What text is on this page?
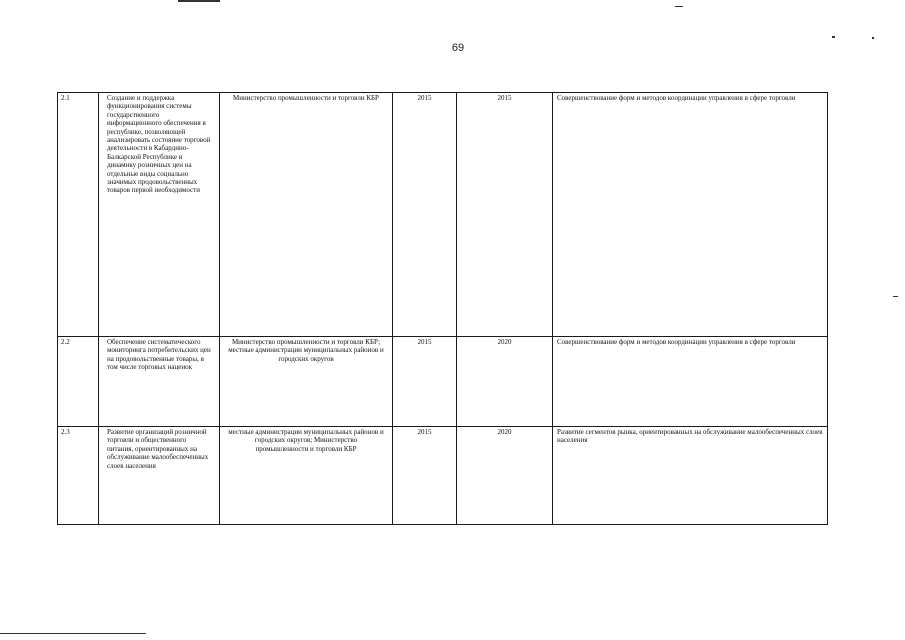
69
2.1	Создание и поддержка функционирования системы государственного информационного обеспечения в республике, позволяющей анализировать состояние торговой деятельности в Кабардино-Балкарской Республике и динамику розничных цен на отдельные виды социально значимых продовольственных товаров первой необходимости	Министерство промышленности и торговли КБР	2015	2015	Совершенствование форм и методов координации управления в сфере торговли
2.2	Обеспечение систематического мониторинга потребительских цен на продовольственные товары, в том числе торговых наценок	Министерство промышленности и торговли КБР; местные администрации муниципальных районов и городских округов	2015	2020	Совершенствование форм и методов координации управления в сфере торговли
2.3	Развитие организаций розничной торговли и общественного питания, ориентированных на обслуживание малообеспеченных слоев населения	местные администрации муниципальных районов и городских округов; Министерство промышленности и торговли КБР	2015	2020	Развитие сегментов рынка, ориентированных на обслуживание малообеспеченных слоев населения
